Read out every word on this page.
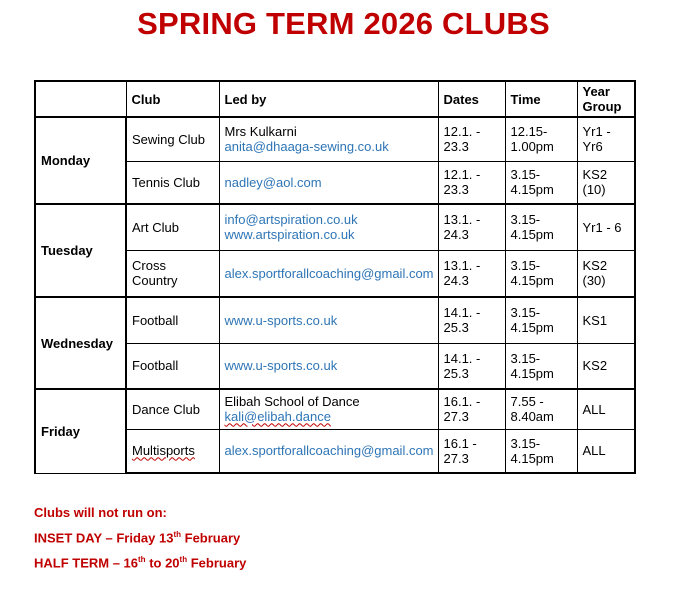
SPRING TERM 2026 CLUBS
	Club	Led by	Dates	Time	Year Group
Monday	Sewing Club	Mrs Kulkarni
anita@dhaaga-sewing.co.uk	12.1. - 23.3	12.15-1.00pm	Yr1 - Yr6
	Tennis Club	nadley@aol.com	12.1. - 23.3	3.15-4.15pm	KS2 (10)
Tuesday	Art Club	info@artspiration.co.uk
www.artspiration.co.uk	13.1. - 24.3	3.15-4.15pm	Yr1 - 6
	Cross Country	alex.sportforallcoaching@gmail.com	13.1. - 24.3	3.15-4.15pm	KS2 (30)
Wednesday	Football	www.u-sports.co.uk	14.1. - 25.3	3.15-4.15pm	KS1
	Football	www.u-sports.co.uk	14.1. - 25.3	3.15-4.15pm	KS2
Friday	Dance Club	Elibah School of Dance
kali@elibah.dance	16.1. - 27.3	7.55 - 8.40am	ALL
	Multisports	alex.sportforallcoaching@gmail.com	16.1 - 27.3	3.15-4.15pm	ALL
Clubs will not run on:
INSET DAY – Friday 13th February
HALF TERM – 16th to 20th February
